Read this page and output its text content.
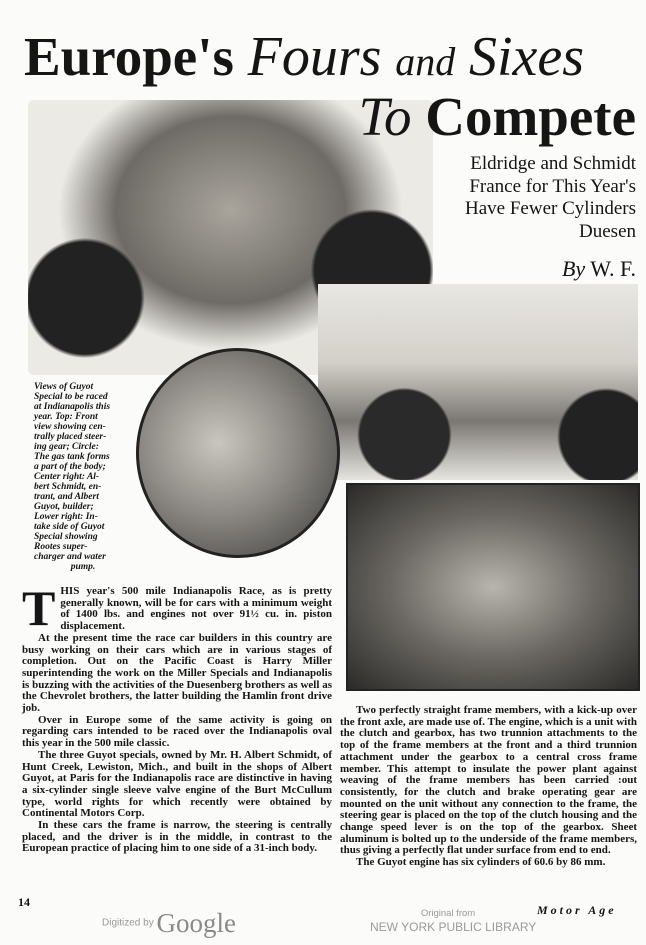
Europe's Fours and Sixes
To Compete
Eldridge and Schmidt
France for This Year's
Have Fewer Cylinders
Duesen
By W. F.
Views of Guyot
Special to be raced
at Indianapolis this
year. Top: Front
view showing cen-
trally placed steer-
ing gear; Circle:
The gas tank forms
a part of the body;
Center right: Al-
bert Schmidt, en-
trant, and Albert
Guyot, builder;
Lower right: In-
take side of Guyot
Special showing
Rootes super-
charger and water
pump.

THIS year's 500 mile Indianapolis Race, as is pretty generally known, will be for cars with a minimum weight of 1400 lbs. and engines not over 91½ cu. in. piston displacement.

At the present time the race car builders in this country are busy working on their cars which are in various stages of completion. Out on the Pacific Coast is Harry Miller superintending the work on the Miller Specials and Indianapolis is buzzing with the activities of the Duesenberg brothers as well as the Chevrolet brothers, the latter building the Hamlin front drive job.

Over in Europe some of the same activity is going on regarding cars intended to be raced over the Indianapolis oval this year in the 500 mile classic.

The three Guyot specials, owned by Mr. H. Albert Schmidt, of Hunt Creek, Lewiston, Mich., and built in the shops of Albert Guyot, at Paris for the Indianapolis race are distinctive in having a six-cylinder single sleeve valve engine of the Burt McCullum type, world rights for which recently were obtained by Continental Motors Corp.

In these cars the frame is narrow, the steering is centrally placed, and the driver is in the middle, in contrast to the European practice of placing him to one side of a 31-inch body.

Two perfectly straight frame members, with a kick-up over the front axle, are made use of. The engine, which is a unit with the clutch and gearbox, has two trunnion attachments to the top of the frame members at the front and a third trunnion attachment under the gearbox to a central cross frame member. This attempt to insulate the power plant against weaving of the frame members has been carried :out consistently, for the clutch and brake operating gear are mounted on the unit without any connection to the frame, the steering gear is placed on the top of the clutch housing and the change speed lever is on the top of the gearbox. Sheet aluminum is bolted up to the underside of the frame members, thus giving a perfectly flat under surface from end to end.

The Guyot engine has six cylinders of 60.6 by 86 mm.

14
Motor Age
Digitized by Google	Original from
NEW YORK PUBLIC LIBRARY
